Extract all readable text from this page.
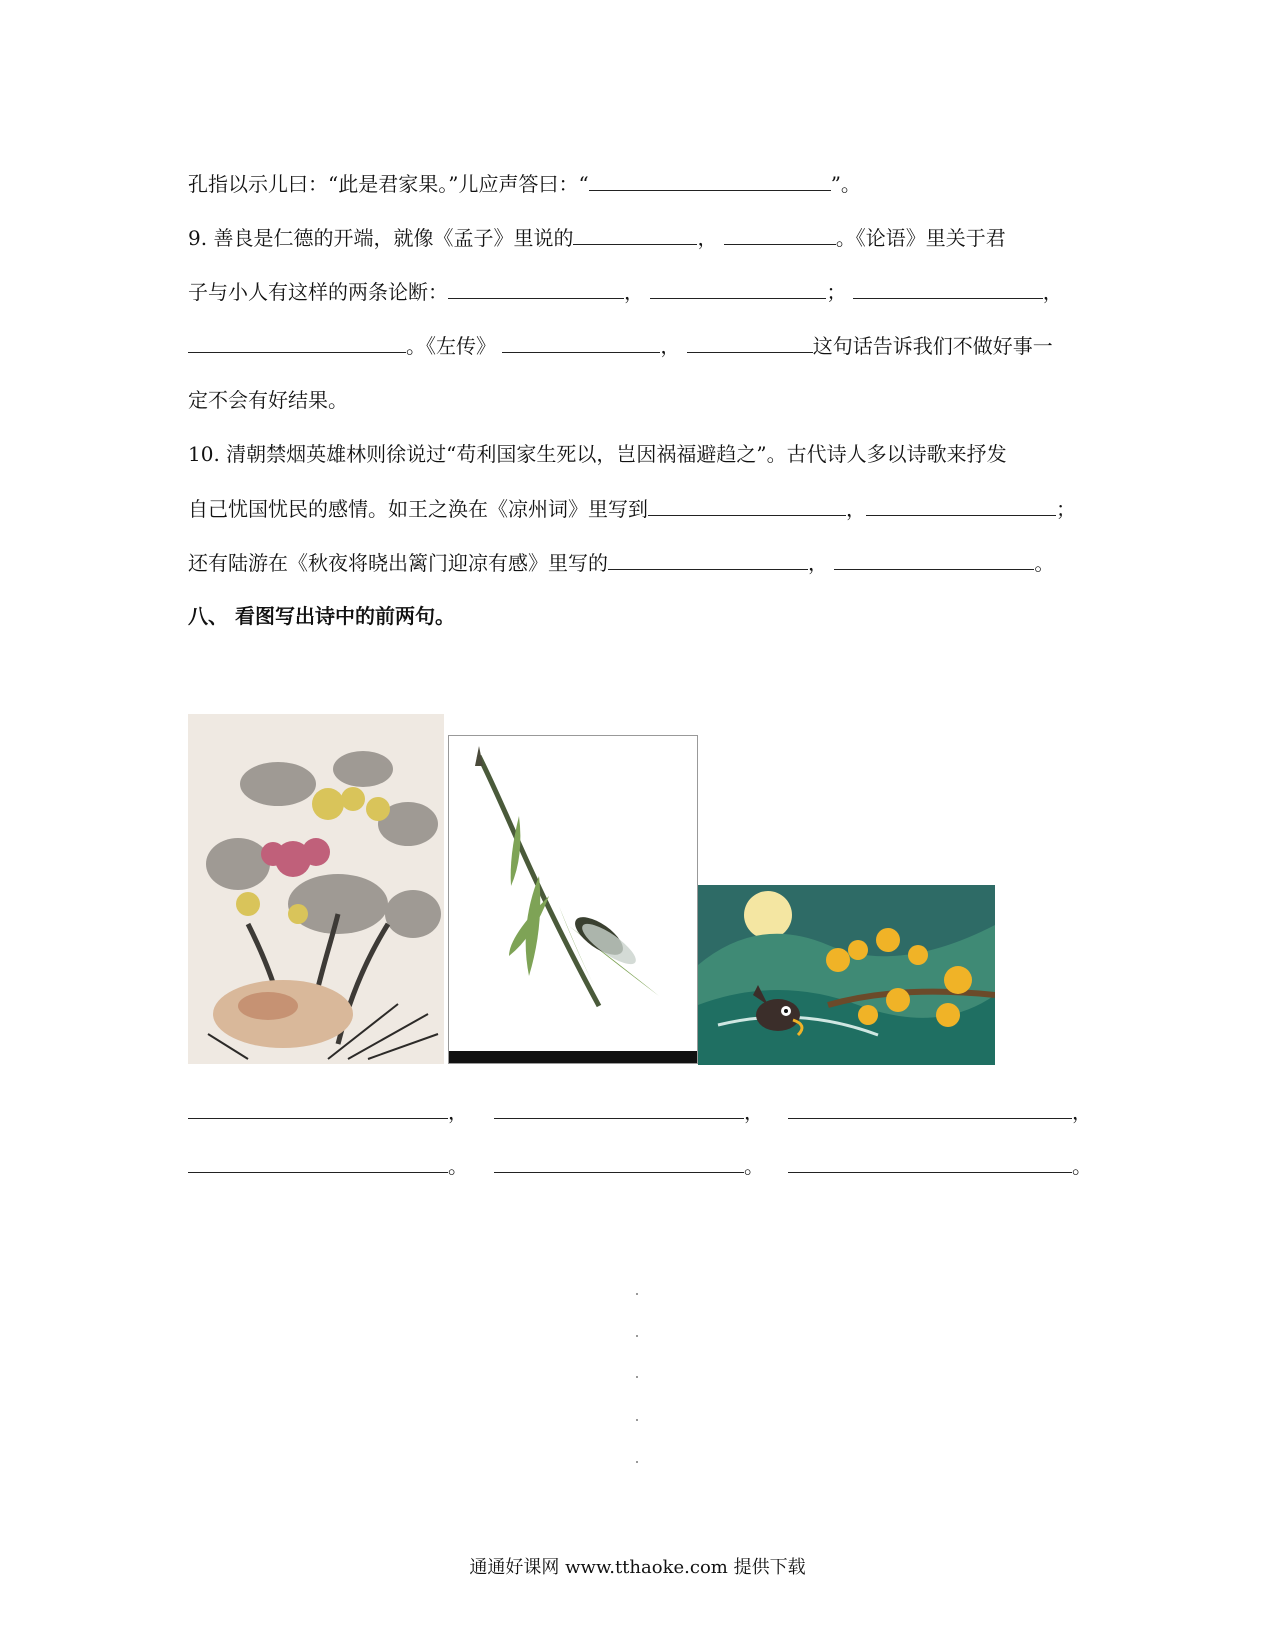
孔指以示儿曰：“此是君家果。”儿应声答曰：“	”。
9. 善良是仁德的开端，就像《孟子》里说的	，	。《论语》里关于君
子与小人有这样的两条论断：	，	；	，
。《左传》	，	这句话告诉我们不做好事一
定不会有好结果。
10. 清朝禁烟英雄林则徐说过“苟利国家生死以，岂因祸福避趋之”。古代诗人多以诗歌来抒发
自己忧国忧民的感情。如王之涣在《凉州词》里写到	，	；
还有陆游在《秋夜将晓出篱门迎凉有感》里写的	，	。
八、 看图写出诗中的前两句。
，	，	，
。	。	。
通通好课网 www.tthaoke.com 提供下载
